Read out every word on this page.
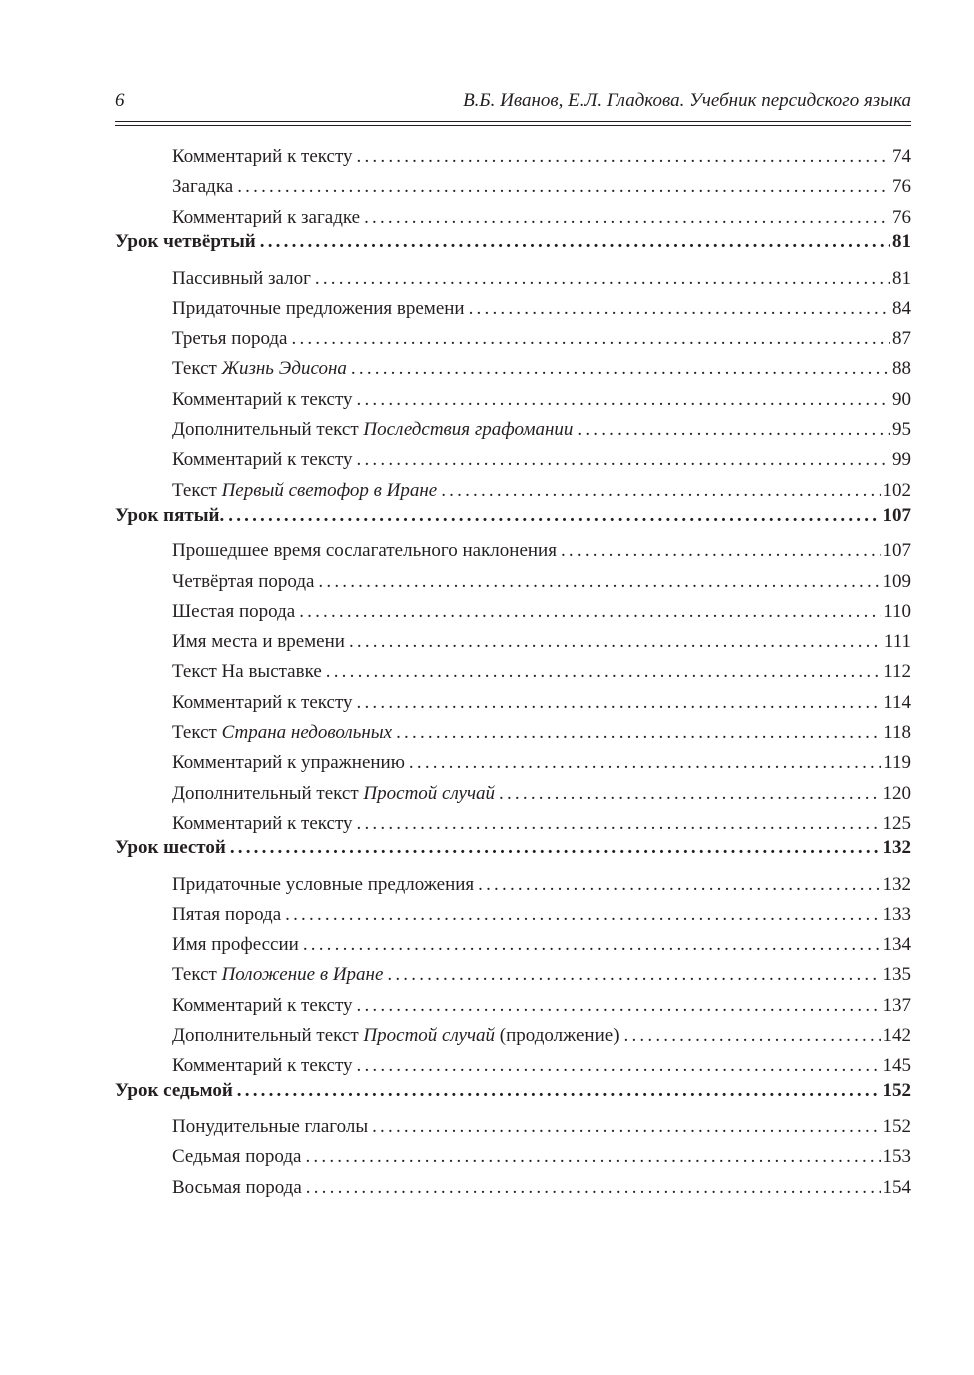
6	В.Б. Иванов, Е.Л. Гладкова. Учебник персидского языка
Комментарий к тексту .....	74
Загадка .....	76
Комментарий к загадке .....	76
Урок четвёртый .....	81
Пассивный залог .....	81
Придаточные предложения времени .....	84
Третья порода .....	87
Текст Жизнь Эдисона .....	88
Комментарий к тексту .....	90
Дополнительный текст Последствия графомании .....	95
Комментарий к тексту .....	99
Текст Первый светофор в Иране .....	102
Урок пятый. .....	107
Прошедшее время сослагательного наклонения .....	107
Четвёртая порода .....	109
Шестая порода .....	110
Имя места и времени .....	111
Текст На выставке .....	112
Комментарий к тексту .....	114
Текст Страна недовольных .....	118
Комментарий к упражнению .....	119
Дополнительный текст Простой случай .....	120
Комментарий к тексту .....	125
Урок шестой .....	132
Придаточные условные предложения .....	132
Пятая порода .....	133
Имя профессии .....	134
Текст Положение в Иране .....	135
Комментарий к тексту .....	137
Дополнительный текст Простой случай (продолжение) .....	142
Комментарий к тексту .....	145
Урок седьмой .....	152
Понудительные глаголы .....	152
Седьмая порода .....	153
Восьмая порода .....	154
